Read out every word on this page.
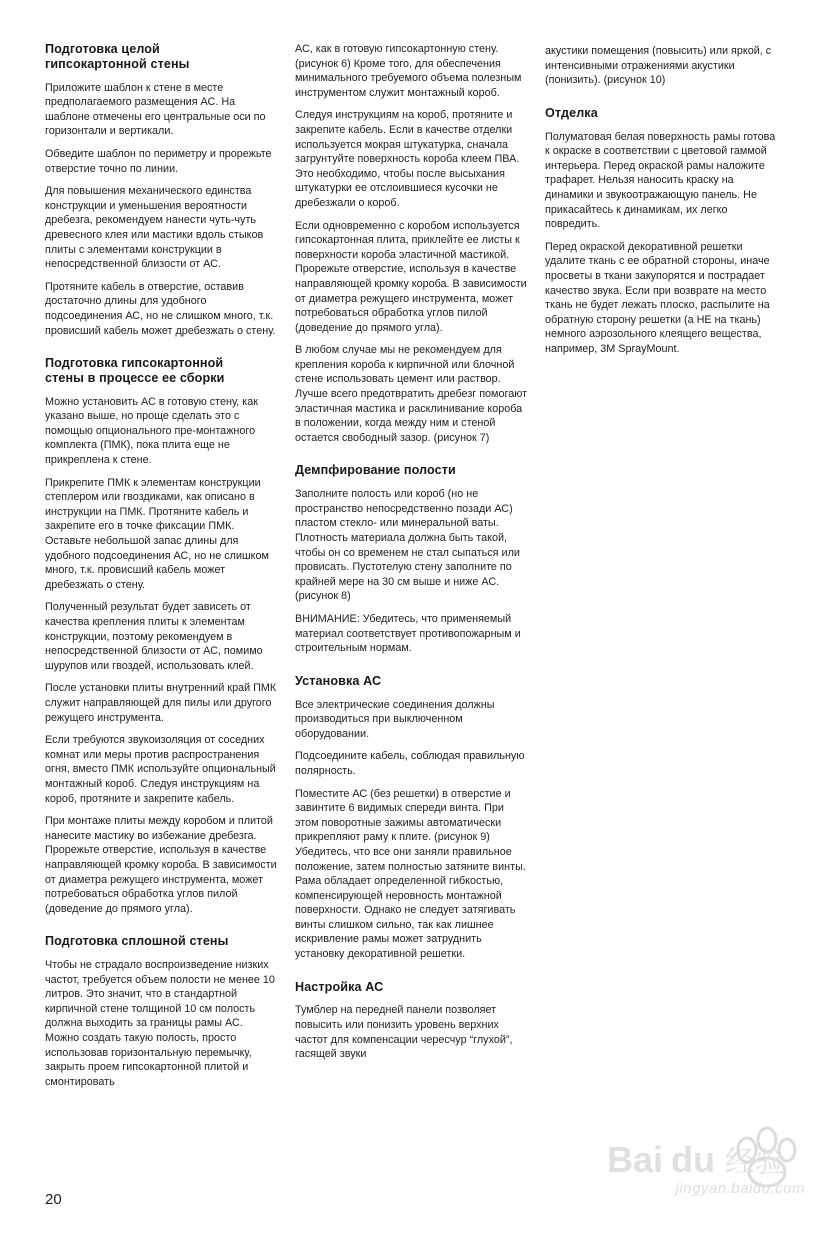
Подготовка целой
гипсокартонной стены

Приложите шаблон к стене в месте предполагаемого размещения АС. На шаблоне отмечены его центральные оси по горизонтали и вертикали.

Обведите шаблон по периметру и прорежьте отверстие точно по линии.

Для повышения механического единства конструкции и уменьшения вероятности дребезга, рекомендуем нанести чуть-чуть древесного клея или мастики вдоль стыков плиты с элементами конструкции в непосредственной близости от АС.

Протяните кабель в отверстие, оставив достаточно длины для удобного подсоединения АС, но не слишком много, т.к. провисший кабель может дребезжать о стену.

Подготовка гипсокартонной
стены в процессе ее сборки

Можно установить АС в готовую стену, как указано выше, но проще сделать это с помощью опционального пре-монтажного комплекта (ПМК), пока плита еще не прикреплена к стене.

Прикрепите ПМК к элементам конструкции степлером или гвоздиками, как описано в инструкции на ПМК. Протяните кабель и закрепите его в точке фиксации ПМК. Оставьте небольшой запас длины для удобного подсоединения АС, но не слишком много, т.к. провисший кабель может дребезжать о стену.

Полученный результат будет зависеть от качества крепления плиты к элементам конструкции, поэтому рекомендуем в непосредственной близости от АС, помимо шурупов или гвоздей, использовать клей.

После установки плиты внутренний край ПМК служит направляющей для пилы или другого режущего инструмента.

Если требуются звукоизоляция от соседних комнат или меры против распространения огня, вместо ПМК используйте опциональный монтажный короб. Следуя инструкциям на короб, протяните и закрепите кабель.

При монтаже плиты между коробом и плитой нанесите мастику во избежание дребезга. Прорежьте отверстие, используя в качестве направляющей кромку короба. В зависимости от диаметра режущего инструмента, может потребоваться обработка углов пилой (доведение до прямого угла).

Подготовка сплошной стены

Чтобы не страдало воспроизведение низких частот, требуется объем полости не менее 10 литров. Это значит, что в стандартной кирпичной стене толщиной 10 см полость должна выходить за границы рамы АС. Можно создать такую полость, просто использовав горизонтальную перемычку, закрыть проем гипсокартонной плитой и смонтировать

АС, как в готовую гипсокартонную стену. (рисунок 6) Кроме того, для обеспечения минимального требуемого объема полезным инструментом служит монтажный короб.

Следуя инструкциям на короб, протяните и закрепите кабель. Если в качестве отделки используется мокрая штукатурка, сначала загрунтуйте поверхность короба клеем ПВА. Это необходимо, чтобы после высыхания штукатурки ее отслоившиеся кусочки не дребезжали о короб.

Если одновременно с коробом используется гипсокартонная плита, приклейте ее листы к поверхности короба эластичной мастикой. Прорежьте отверстие, используя в качестве направляющей кромку короба. В зависимости от диаметра режущего инструмента, может потребоваться обработка углов пилой (доведение до прямого угла).

В любом случае мы не рекомендуем для крепления короба к кирпичной или блочной стене использовать цемент или раствор. Лучше всего предотвратить дребезг помогают эластичная мастика и расклинивание короба в положении, когда между ним и стеной остается свободный зазор. (рисунок 7)

Демпфирование полости

Заполните полость или короб (но не пространство непосредственно позади АС) пластом стекло- или минеральной ваты. Плотность материала должна быть такой, чтобы он со временем не стал сыпаться или провисать. Пустотелую стену заполните по крайней мере на 30 см выше и ниже АС. (рисунок 8)

ВНИМАНИЕ: Убедитесь, что применяемый материал соответствует противопожарным и строительным нормам.

Установка АС

Все электрические соединения должны производиться при выключенном оборудовании.

Подсоедините кабель, соблюдая правильную полярность.

Поместите АС (без решетки) в отверстие и завинтите 6 видимых спереди винта. При этом поворотные зажимы автоматически прикрепляют раму к плите. (рисунок 9) Убедитесь, что все они заняли правильное положение, затем полностью затяните винты. Рама обладает определенной гибкостью, компенсирующей неровность монтажной поверхности. Однако не следует затягивать винты слишком сильно, так как лишнее искривление рамы может затруднить установку декоративной решетки.

Настройка АС

Тумблер на передней панели позволяет повысить или понизить уровень верхних частот для компенсации чересчур “глухой”, гасящей звуки

акустики помещения (повысить) или яркой, с интенсивными отражениями акустики (понизить). (рисунок 10)

Отделка

Полуматовая белая поверхность рамы готова к окраске в соответствии с цветовой гаммой интерьера. Перед окраской рамы наложите трафарет. Нельзя наносить краску на динамики и звукоотражающую панель. Не прикасайтесь к динамикам, их легко повредить.

Перед окраской декоративной решетки удалите ткань с ее обратной стороны, иначе просветы в ткани закупорятся и пострадает качество звука. Если при возврате на место ткань не будет лежать плоско, распылите на обратную сторону решетки (а НЕ на ткань) немного аэрозольного клеящего вещества, например, 3M SprayMount.

20
Bai du 经验
jingyan.baidu.com
